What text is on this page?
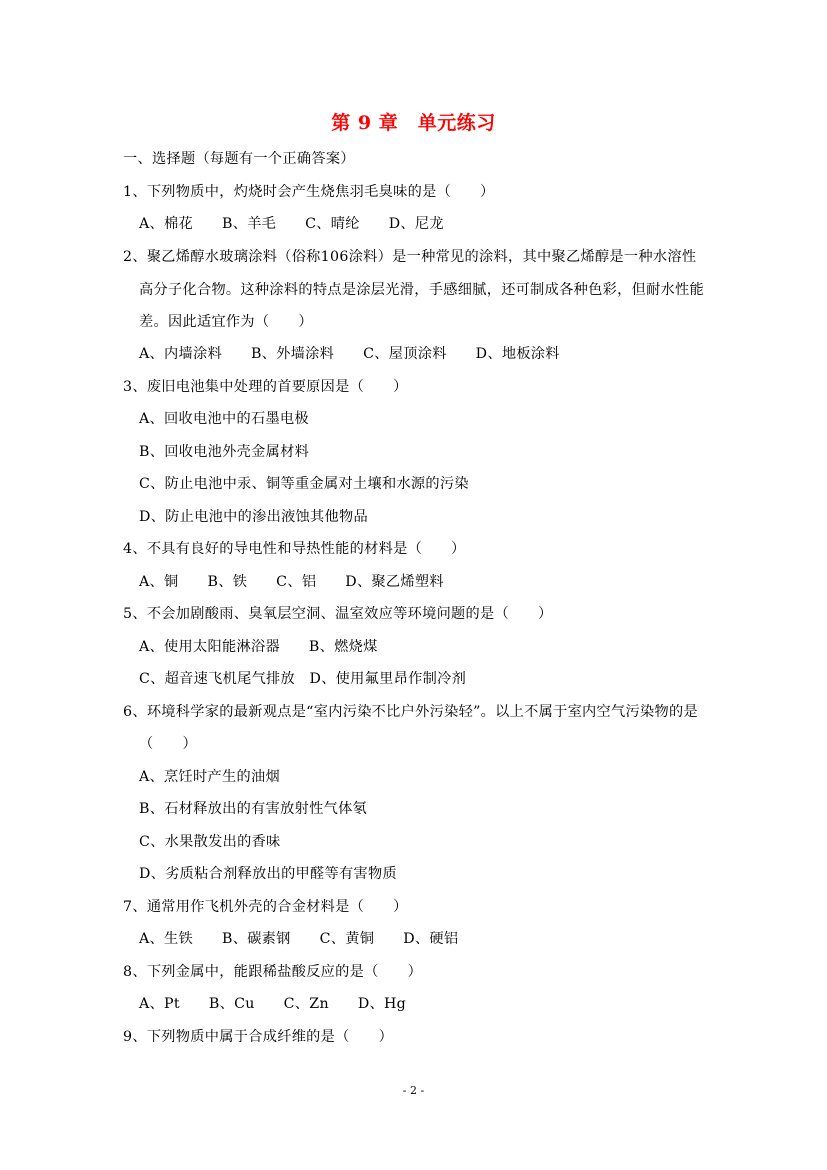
第 9 章　单元练习
一、选择题（每题有一个正确答案）
1、下列物质中，灼烧时会产生烧焦羽毛臭味的是（　　）
A、棉花　　B、羊毛　　C、晴纶　　D、尼龙
2、聚乙烯醇水玻璃涂料（俗称106涂料）是一种常见的涂料，其中聚乙烯醇是一种水溶性
高分子化合物。这种涂料的特点是涂层光滑，手感细腻，还可制成各种色彩，但耐水性能
差。因此适宜作为（　　）
A、内墙涂料　　B、外墙涂料　　C、屋顶涂料　　D、地板涂料
3、废旧电池集中处理的首要原因是（　　）
A、回收电池中的石墨电极
B、回收电池外壳金属材料
C、防止电池中汞、铜等重金属对土壤和水源的污染
D、防止电池中的渗出液蚀其他物品
4、不具有良好的导电性和导热性能的材料是（　　）
A、铜　　B、铁　　C、铝　　D、聚乙烯塑料
5、不会加剧酸雨、臭氧层空洞、温室效应等环境问题的是（　　）
A、使用太阳能淋浴器　　B、燃烧煤
C、超音速飞机尾气排放　D、使用氟里昂作制冷剂
6、环境科学家的最新观点是“室内污染不比户外污染轻”。以上不属于室内空气污染物的是
（　　）
A、烹饪时产生的油烟
B、石材释放出的有害放射性气体氡
C、水果散发出的香味
D、劣质粘合剂释放出的甲醛等有害物质
7、通常用作飞机外壳的合金材料是（　　）
A、生铁　　B、碳素钢　　C、黄铜　　D、硬铝
8、下列金属中，能跟稀盐酸反应的是（　　）
A、Pt　　B、Cu　　C、Zn　　D、Hg
9、下列物质中属于合成纤维的是（　　）
- 2 -
